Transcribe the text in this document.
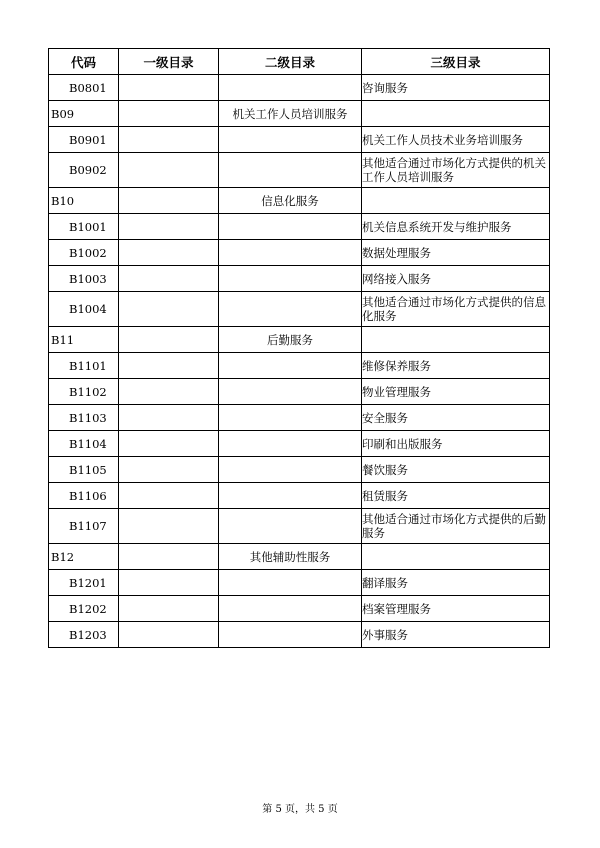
代码	一级目录	二级目录	三级目录
B0801			咨询服务
B09		机关工作人员培训服务	
B0901			机关工作人员技术业务培训服务
B0902			其他适合通过市场化方式提供的机关工作人员培训服务
B10		信息化服务	
B1001			机关信息系统开发与维护服务
B1002			数据处理服务
B1003			网络接入服务
B1004			其他适合通过市场化方式提供的信息化服务
B11		后勤服务	
B1101			维修保养服务
B1102			物业管理服务
B1103			安全服务
B1104			印刷和出版服务
B1105			餐饮服务
B1106			租赁服务
B1107			其他适合通过市场化方式提供的后勤服务
B12		其他辅助性服务	
B1201			翻译服务
B1202			档案管理服务
B1203			外事服务
第 5 页，共 5 页
